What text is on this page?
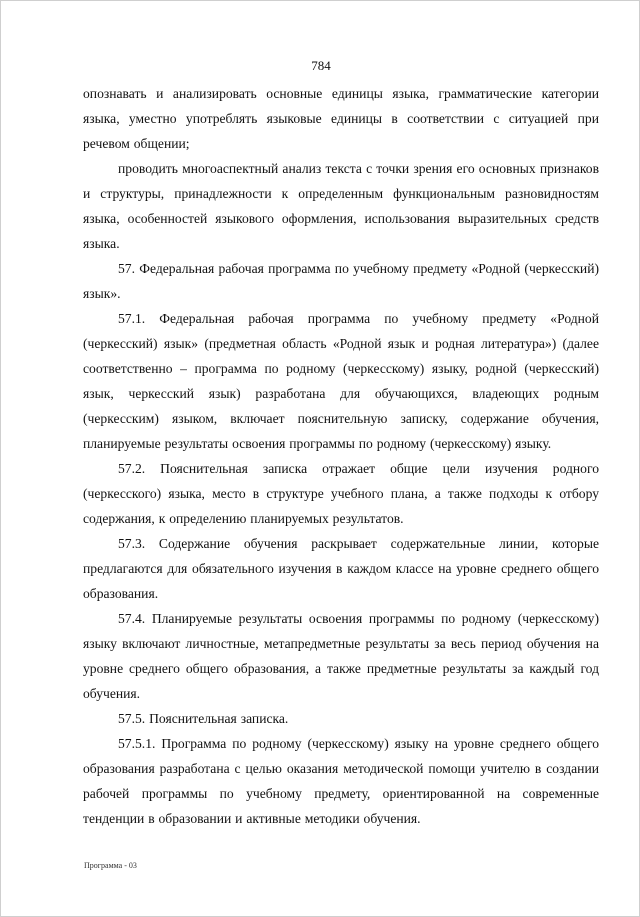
784

опознавать и анализировать основные единицы языка, грамматические категории языка, уместно употреблять языковые единицы в соответствии с ситуацией при речевом общении;

проводить многоаспектный анализ текста с точки зрения его основных признаков и структуры, принадлежности к определенным функциональным разновидностям языка, особенностей языкового оформления, использования выразительных средств языка.

57. Федеральная рабочая программа по учебному предмету «Родной (черкесский) язык».

57.1. Федеральная рабочая программа по учебному предмету «Родной (черкесский) язык» (предметная область «Родной язык и родная литература») (далее соответственно – программа по родному (черкесскому) языку, родной (черкесский) язык, черкесский язык) разработана для обучающихся, владеющих родным (черкесским) языком, включает пояснительную записку, содержание обучения, планируемые результаты освоения программы по родному (черкесскому) языку.

57.2. Пояснительная записка отражает общие цели изучения родного (черкесского) языка, место в структуре учебного плана, а также подходы к отбору содержания, к определению планируемых результатов.

57.3. Содержание обучения раскрывает содержательные линии, которые предлагаются для обязательного изучения в каждом классе на уровне среднего общего образования.

57.4. Планируемые результаты освоения программы по родному (черкесскому) языку включают личностные, метапредметные результаты за весь период обучения на уровне среднего общего образования, а также предметные результаты за каждый год обучения.

57.5. Пояснительная записка.

57.5.1. Программа по родному (черкесскому) языку на уровне среднего общего образования разработана с целью оказания методической помощи учителю в создании рабочей программы по учебному предмету, ориентированной на современные тенденции в образовании и активные методики обучения.

Программа - 03
